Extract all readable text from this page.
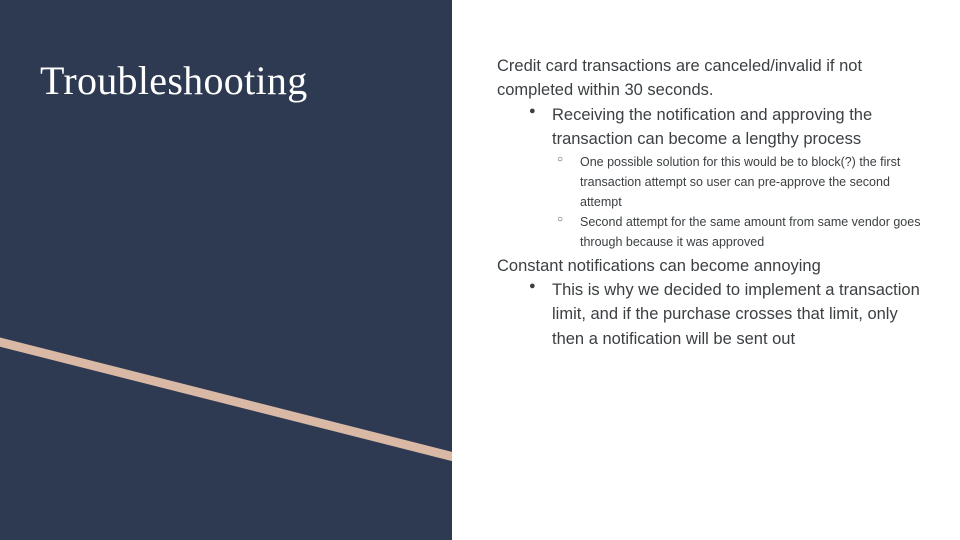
Troubleshooting	Credit card transactions are canceled/invalid if not completed within 30 seconds.

● Receiving the notification and approving the transaction can become a lengthy process
○ One possible solution for this would be to block(?) the first transaction attempt so user can pre-approve the second attempt
○ Second attempt for the same amount from same vendor goes through because it was approved

Constant notifications can become annoying

● This is why we decided to implement a transaction limit, and if the purchase crosses that limit, only then a notification will be sent out
